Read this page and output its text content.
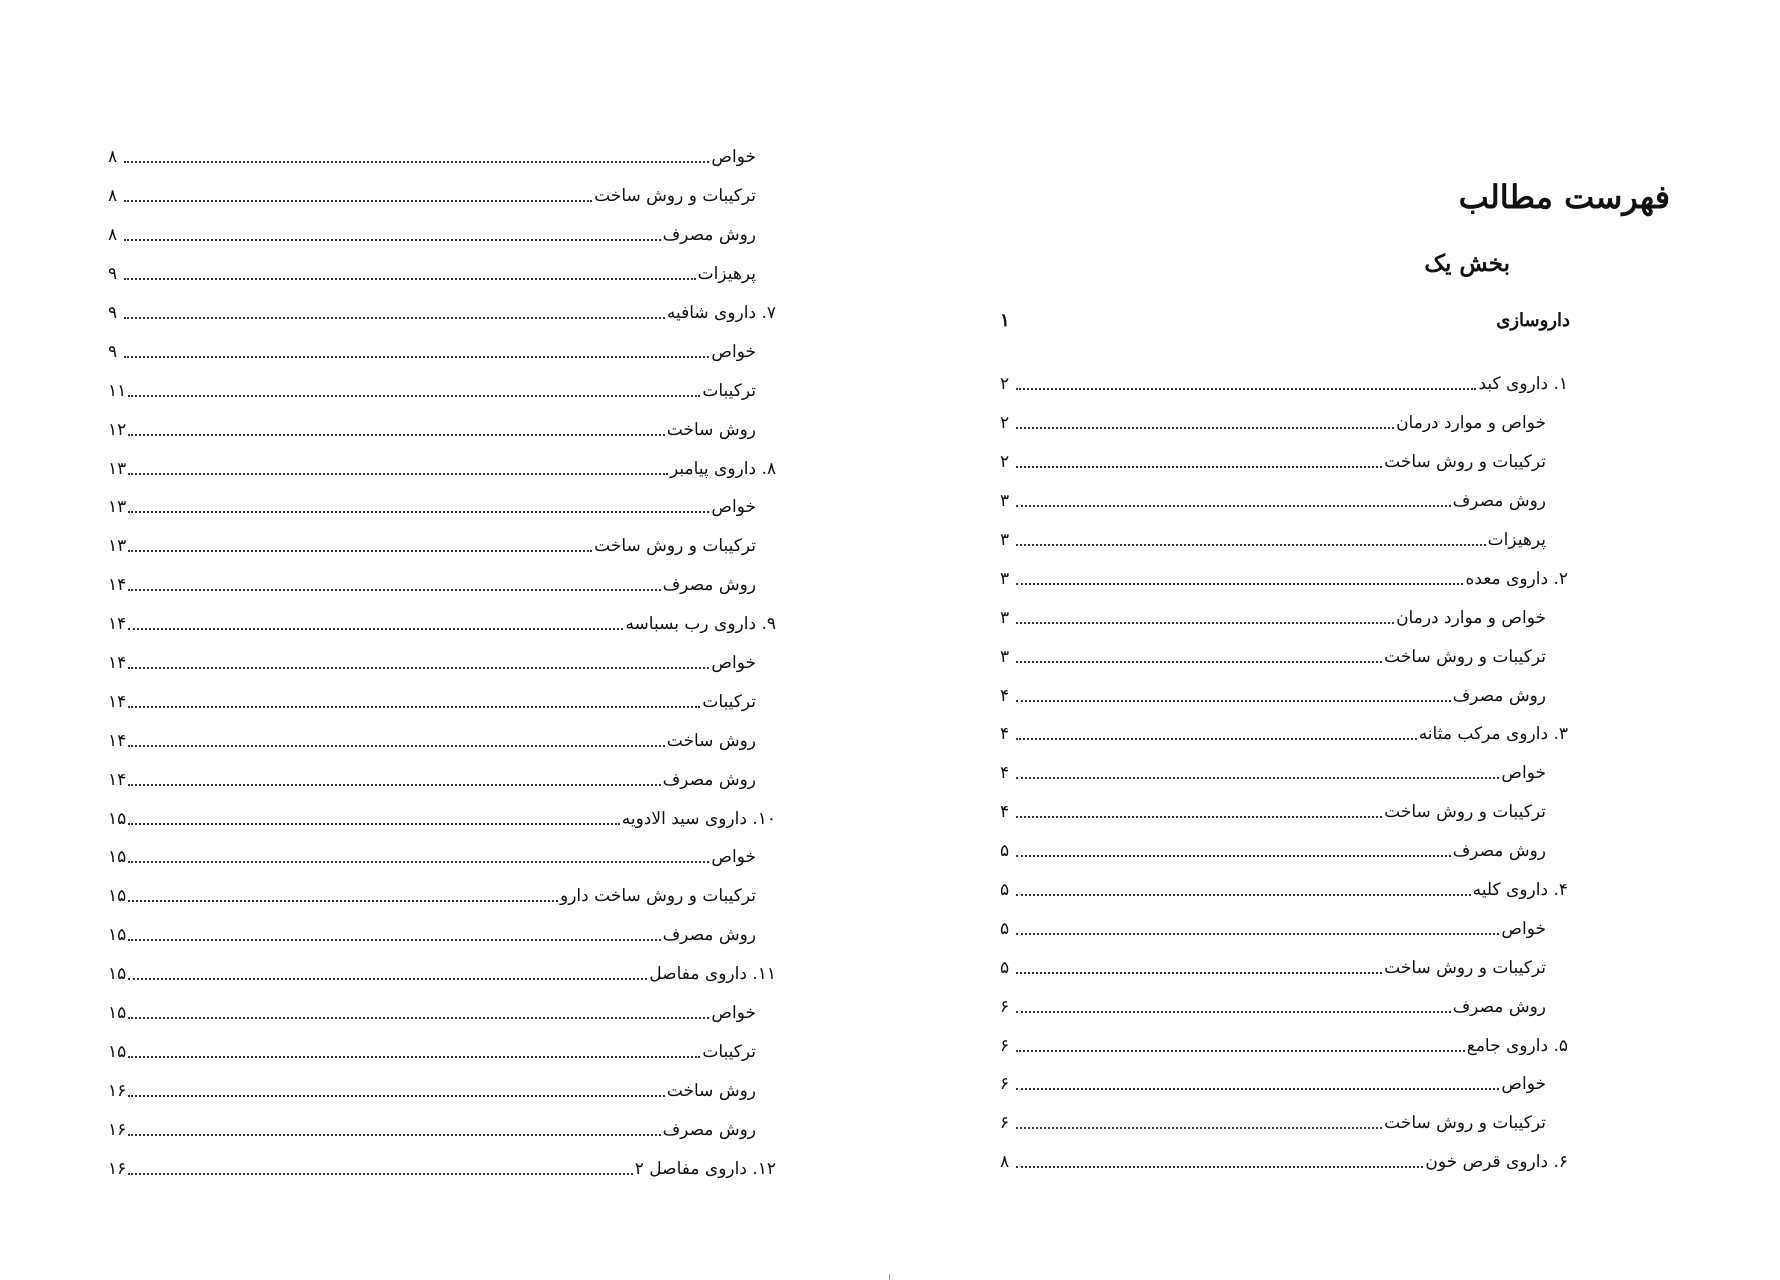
خواص
۸
ترکیبات و روش ساخت
۸
روش مصرف
۸
پرهیزات
۹
۷. داروی شافیه
۹
خواص
۹
ترکیبات
۱۱
روش ساخت
۱۲
۸. داروی پیامبر
۱۳
خواص
۱۳
ترکیبات و روش ساخت
۱۳
روش مصرف
۱۴
۹. داروی رب بسباسه
۱۴
خواص
۱۴
ترکیبات
۱۴
روش ساخت
۱۴
روش مصرف
۱۴
۱۰. داروی سید الادویه
۱۵
خواص
۱۵
ترکیبات و روش ساخت دارو
۱۵
روش مصرف
۱۵
۱۱. داروی مفاصل
۱۵
خواص
۱۵
ترکیبات
۱۵
روش ساخت
۱۶
روش مصرف
۱۶
۱۲. داروی مفاصل ۲
۱۶
فهرست مطالب
بخش یک
داروسازی
۱
۱. داروی کبد
۲
خواص و موارد درمان
۲
ترکیبات و روش ساخت
۲
روش مصرف
۳
پرهیزات
۳
۲. داروی معده
۳
خواص و موارد درمان
۳
ترکیبات و روش ساخت
۳
روش مصرف
۴
۳. داروی مرکب مثانه
۴
خواص
۴
ترکیبات و روش ساخت
۴
روش مصرف
۵
۴. داروی کلیه
۵
خواص
۵
ترکیبات و روش ساخت
۵
روش مصرف
۶
۵. داروی جامع
۶
خواص
۶
ترکیبات و روش ساخت
۶
۶. داروی قرص خون
۸
